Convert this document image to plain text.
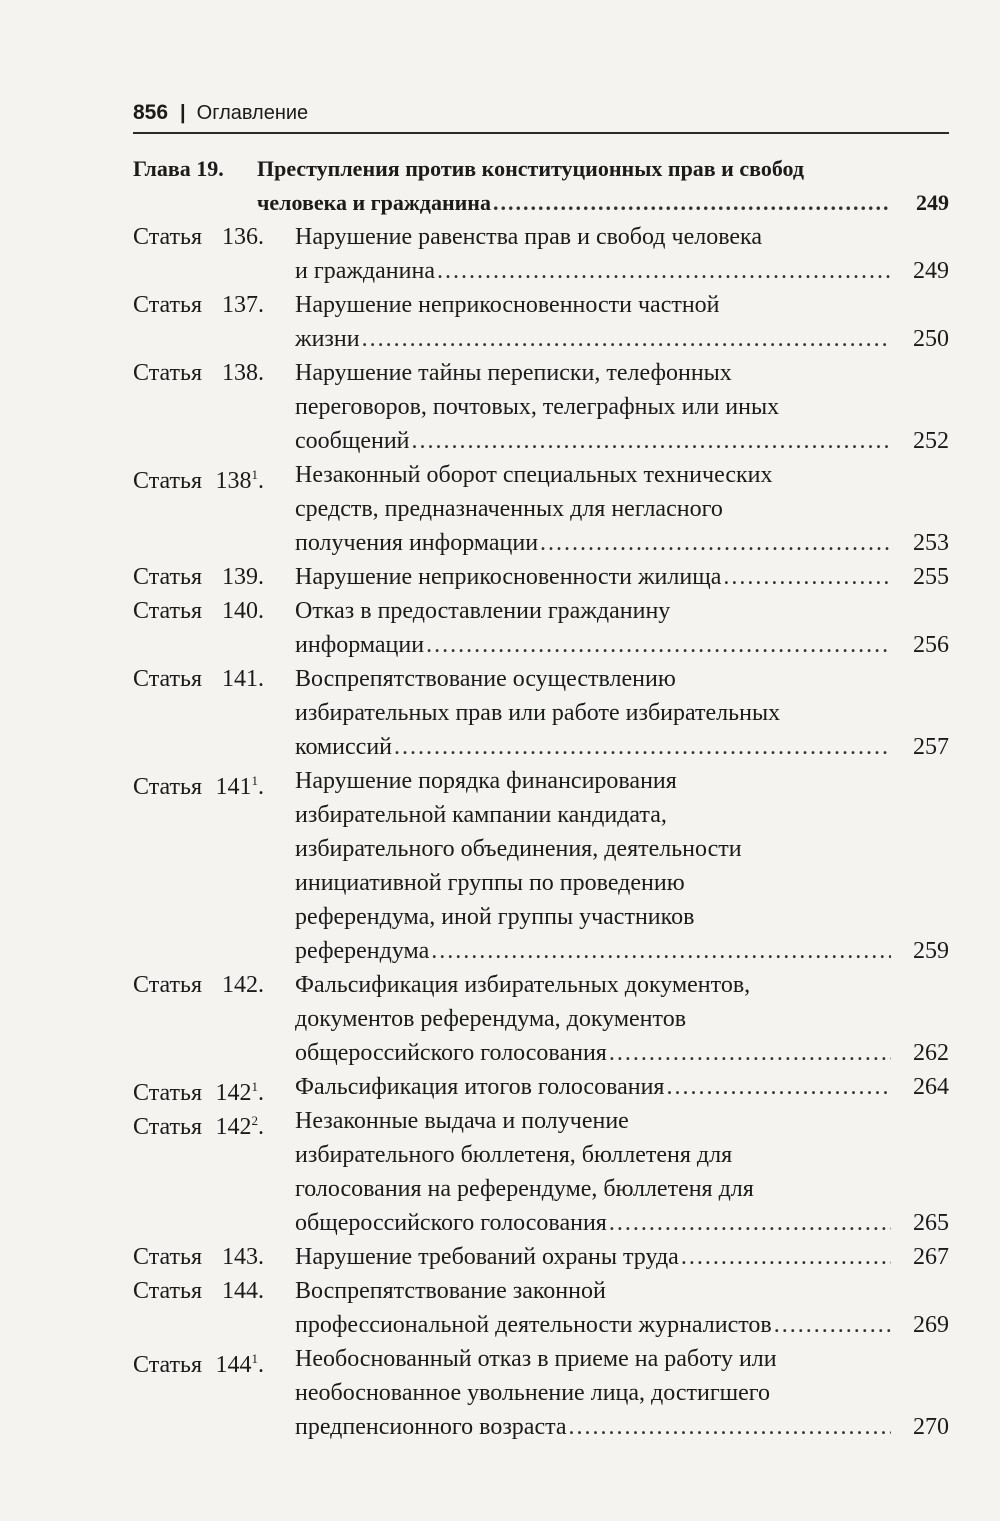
856 | Оглавление
Глава 19. Преступления против конституционных прав и свобод
человека и гражданина .....	249
Статья 136.	Нарушение равенства прав и свобод человека
и гражданина .....	249
Статья 137.	Нарушение неприкосновенности частной
жизни .....	250
Статья 138.	Нарушение тайны переписки, телефонных
переговоров, почтовых, телеграфных или иных
сообщений .....	252
Статья $138^1$.	Незаконный оборот специальных технических
средств, предназначенных для негласного
получения информации .....	253
Статья 139.	Нарушение неприкосновенности жилища .....	255
Статья 140.	Отказ в предоставлении гражданину
информации .....	256
Статья 141.	Воспрепятствование осуществлению
избирательных прав или работе избирательных
комиссий .....	257
Статья $141^1$.	Нарушение порядка финансирования
избирательной кампании кандидата,
избирательного объединения, деятельности
инициативной группы по проведению
референдума, иной группы участников
референдума .....	259
Статья 142.	Фальсификация избирательных документов,
документов референдума, документов
общероссийского голосования .....	262
Статья $142^1$.	Фальсификация итогов голосования .....	264
Статья $142^2$.	Незаконные выдача и получение
избирательного бюллетеня, бюллетеня для
голосования на референдуме, бюллетеня для
общероссийского голосования .....	265
Статья 143.	Нарушение требований охраны труда .....	267
Статья 144.	Воспрепятствование законной
профессиональной деятельности журналистов .....	269
Статья $144^1$.	Необоснованный отказ в приеме на работу или
необоснованное увольнение лица, достигшего
предпенсионного возраста .....	270
